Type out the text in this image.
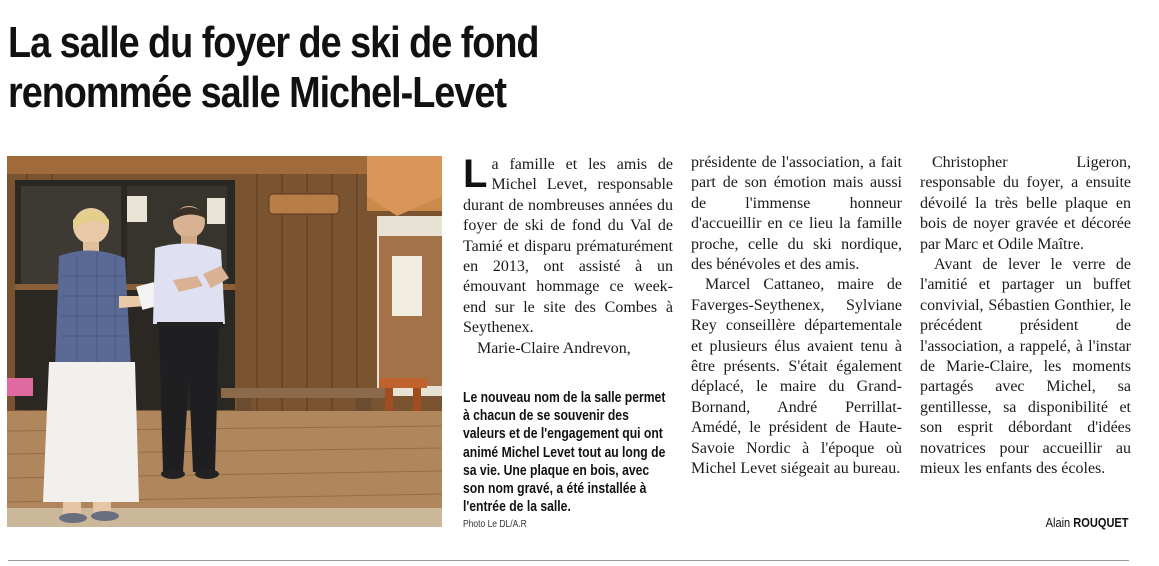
La salle du foyer de ski de fond
renommée salle Michel-Levet
Le nouveau nom de la salle permet à chacun de se souvenir des valeurs et de l'engagement qui ont animé Michel Levet tout au long de sa vie. Une plaque en bois, avec son nom gravé, a été installée à l'entrée de la salle.
Photo Le DL/A.R

La famille et les amis de Michel Levet, responsable durant de nombreuses années du foyer de ski de fond du Val de Tamié et disparu prématurément en 2013, ont assisté à un émouvant hommage ce week-end sur le site des Combes à Seythenex.

Marie-Claire Andrevon,

présidente de l'association, a fait part de son émotion mais aussi de l'immense honneur d'accueillir en ce lieu la famille proche, celle du ski nordique, des bénévoles et des amis.

Marcel Cattaneo, maire de Faverges-Seythenex, Sylviane Rey conseillère départementale et plusieurs élus avaient tenu à être présents. S'était également déplacé, le maire du Grand-Bornand, André Perrillat-Amédé, le président de Haute-Savoie Nordic à l'époque où Michel Levet siégeait au bureau.

Christopher Ligeron, responsable du foyer, a ensuite dévoilé la très belle plaque en bois de noyer gravée et décorée par Marc et Odile Maître.

Avant de lever le verre de l'amitié et partager un buffet convivial, Sébastien Gonthier, le précédent président de l'association, a rappelé, à l'instar de Marie-Claire, les moments partagés avec Michel, sa gentillesse, sa disponibilité et son esprit débordant d'idées novatrices pour accueillir au mieux les enfants des écoles.

Alain ROUQUET
